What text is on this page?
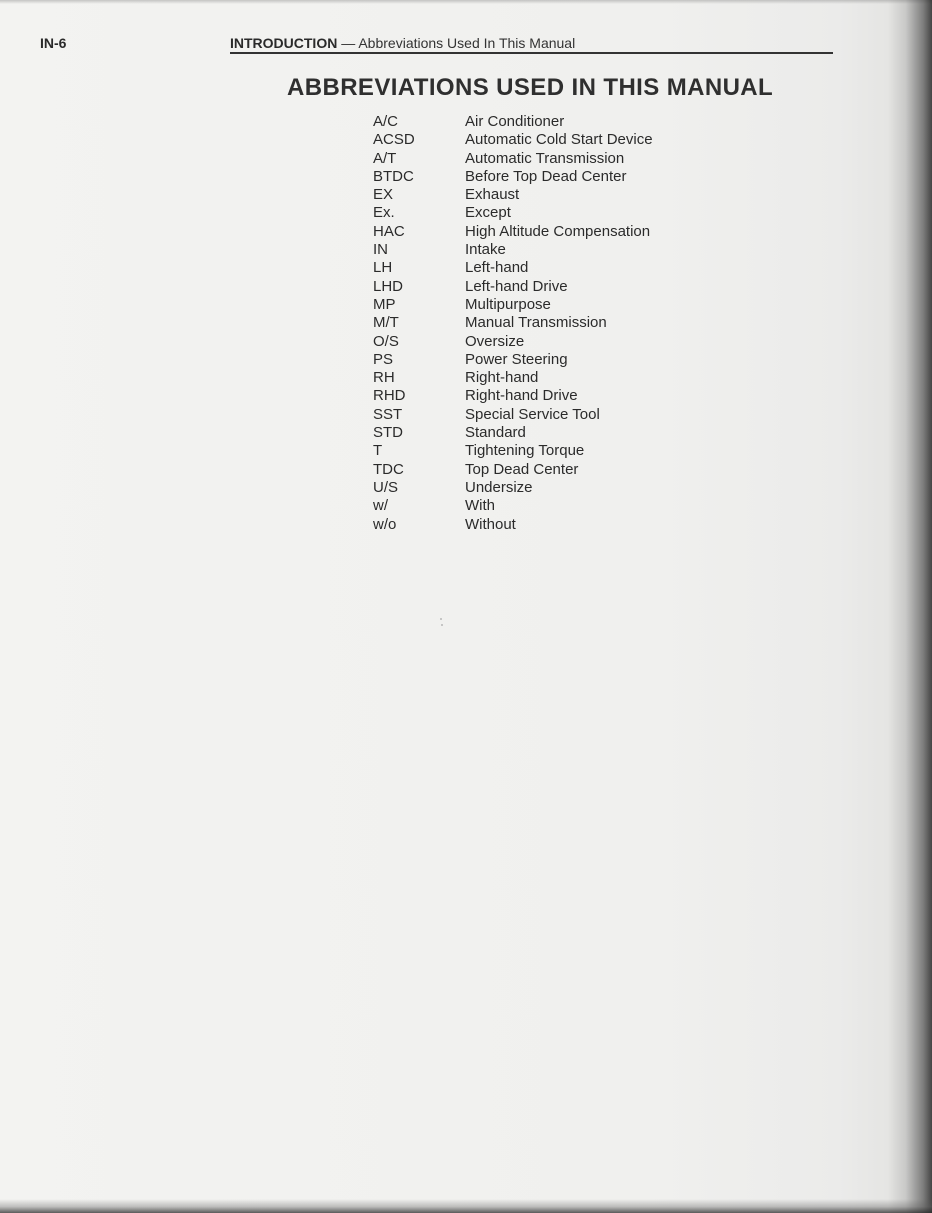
IN-6	INTRODUCTION — Abbreviations Used In This Manual
ABBREVIATIONS USED IN THIS MANUAL
A/C	Air Conditioner
ACSD	Automatic Cold Start Device
A/T	Automatic Transmission
BTDC	Before Top Dead Center
EX	Exhaust
Ex.	Except
HAC	High Altitude Compensation
IN	Intake
LH	Left-hand
LHD	Left-hand Drive
MP	Multipurpose
M/T	Manual Transmission
O/S	Oversize
PS	Power Steering
RH	Right-hand
RHD	Right-hand Drive
SST	Special Service Tool
STD	Standard
T	Tightening Torque
TDC	Top Dead Center
U/S	Undersize
w/	With
w/o	Without
